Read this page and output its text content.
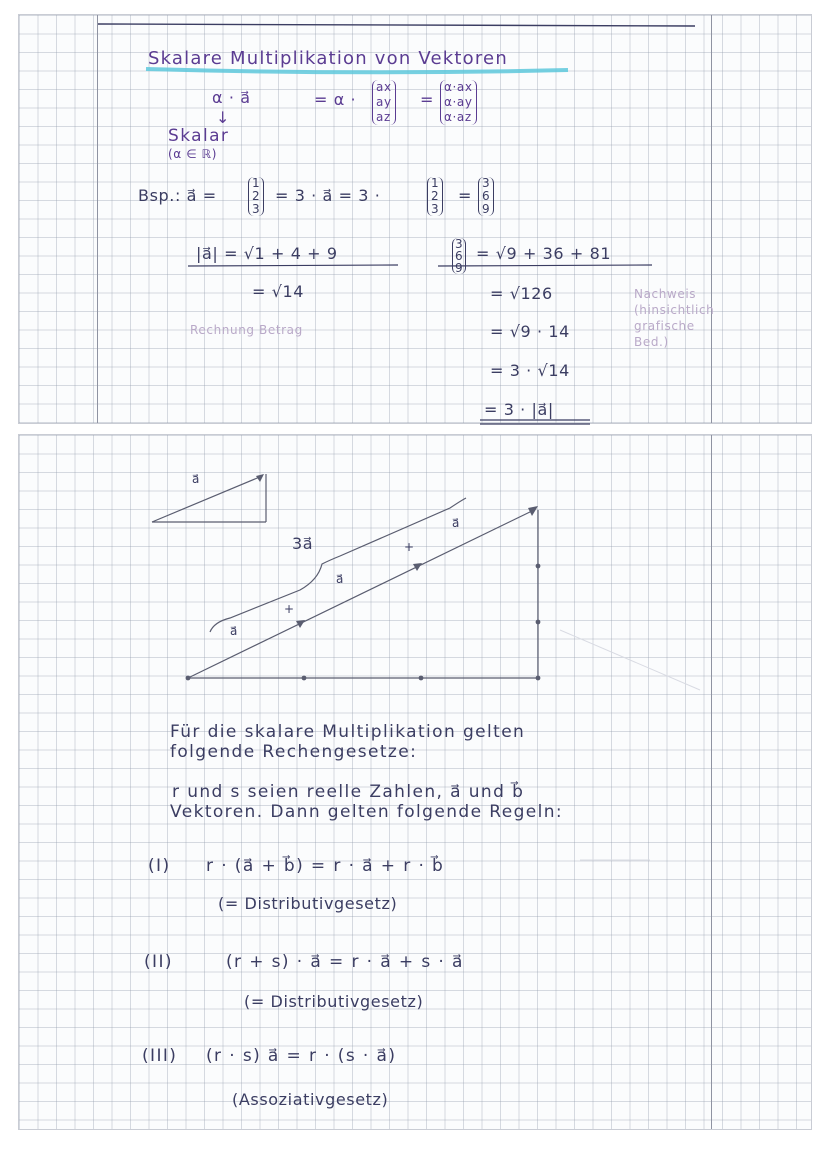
Skalare Multiplikation von Vektoren
α · a⃗	= α ·
ax
ay
az
=
α·ax
α·ay
α·az
↓
Skalar
(α ∈ ℝ)
Bsp.: a⃗ =
1
2
3
= 3 · a⃗ = 3 ·
1
2
3
=
3
6
9
|a⃗| = √1 + 4 + 9
= √14
Rechnung Betrag
3
6
9
= √9 + 36 + 81
= √126
= √9 · 14
= 3 · √14
= 3 · |a⃗|
Nachweis
(hinsichtlich
grafische
Bed.)
a⃗
3a⃗
a⃗
a⃗
a⃗
+
+
Für die skalare Multiplikation gelten
folgende Rechengesetze:
r und s seien reelle Zahlen, a⃗ und b⃗
Vektoren. Dann gelten folgende Regeln:
(I) r · (a⃗ + b⃗) = r · a⃗ + r · b⃗
(= Distributivgesetz)
(II)	(r + s) · a⃗ = r · a⃗ + s · a⃗
(= Distributivgesetz)
(III) (r · s) a⃗ = r · (s · a⃗)
(Assoziativgesetz)
